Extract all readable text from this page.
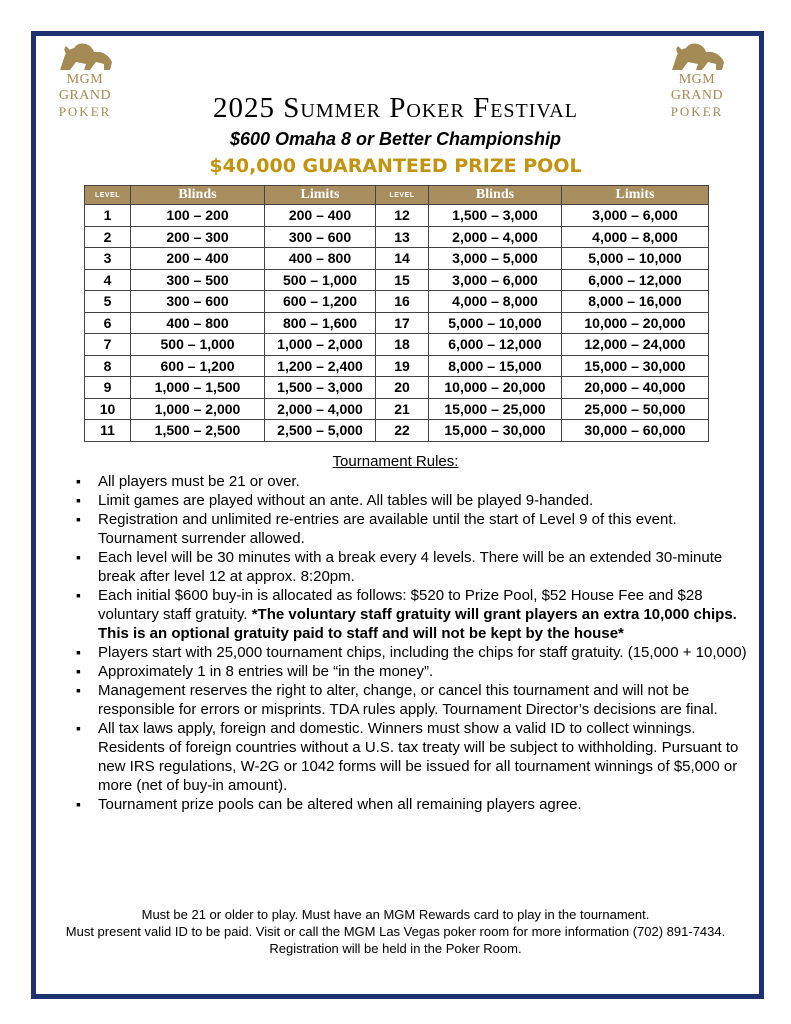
MGM GRAND
POKER
MGM GRAND
POKER
2025 Summer Poker Festival
$600 Omaha 8 or Better Championship
$40,000 GUARANTEED PRIZE POOL
LEVEL	Blinds	Limits	LEVEL	Blinds	Limits
1	100 – 200	200 – 400	12	1,500 – 3,000	3,000 – 6,000
2	200 – 300	300 – 600	13	2,000 – 4,000	4,000 – 8,000
3	200 – 400	400 – 800	14	3,000 – 5,000	5,000 – 10,000
4	300 – 500	500 – 1,000	15	3,000 – 6,000	6,000 – 12,000
5	300 – 600	600 – 1,200	16	4,000 – 8,000	8,000 – 16,000
6	400 – 800	800 – 1,600	17	5,000 – 10,000	10,000 – 20,000
7	500 – 1,000	1,000 – 2,000	18	6,000 – 12,000	12,000 – 24,000
8	600 – 1,200	1,200 – 2,400	19	8,000 – 15,000	15,000 – 30,000
9	1,000 – 1,500	1,500 – 3,000	20	10,000 – 20,000	20,000 – 40,000
10	1,000 – 2,000	2,000 – 4,000	21	15,000 – 25,000	25,000 – 50,000
11	1,500 – 2,500	2,500 – 5,000	22	15,000 – 30,000	30,000 – 60,000
Tournament Rules:
▪ All players must be 21 or over.
▪ Limit games are played without an ante. All tables will be played 9-handed.
▪ Registration and unlimited re-entries are available until the start of Level 9 of this event. Tournament surrender allowed.
▪ Each level will be 30 minutes with a break every 4 levels. There will be an extended 30-minute break after level 12 at approx. 8:20pm.
▪ Each initial $600 buy-in is allocated as follows: $520 to Prize Pool, $52 House Fee and $28 voluntary staff gratuity. *The voluntary staff gratuity will grant players an extra 10,000 chips. This is an optional gratuity paid to staff and will not be kept by the house*
▪ Players start with 25,000 tournament chips, including the chips for staff gratuity. (15,000 + 10,000)
▪ Approximately 1 in 8 entries will be “in the money”.
▪ Management reserves the right to alter, change, or cancel this tournament and will not be responsible for errors or misprints. TDA rules apply. Tournament Director’s decisions are final.
▪ All tax laws apply, foreign and domestic. Winners must show a valid ID to collect winnings. Residents of foreign countries without a U.S. tax treaty will be subject to withholding. Pursuant to new IRS regulations, W-2G or 1042 forms will be issued for all tournament winnings of $5,000 or more (net of buy-in amount).
▪ Tournament prize pools can be altered when all remaining players agree.
Must be 21 or older to play. Must have an MGM Rewards card to play in the tournament.
Must present valid ID to be paid. Visit or call the MGM Las Vegas poker room for more information (702) 891-7434. Registration will be held in the Poker Room.
